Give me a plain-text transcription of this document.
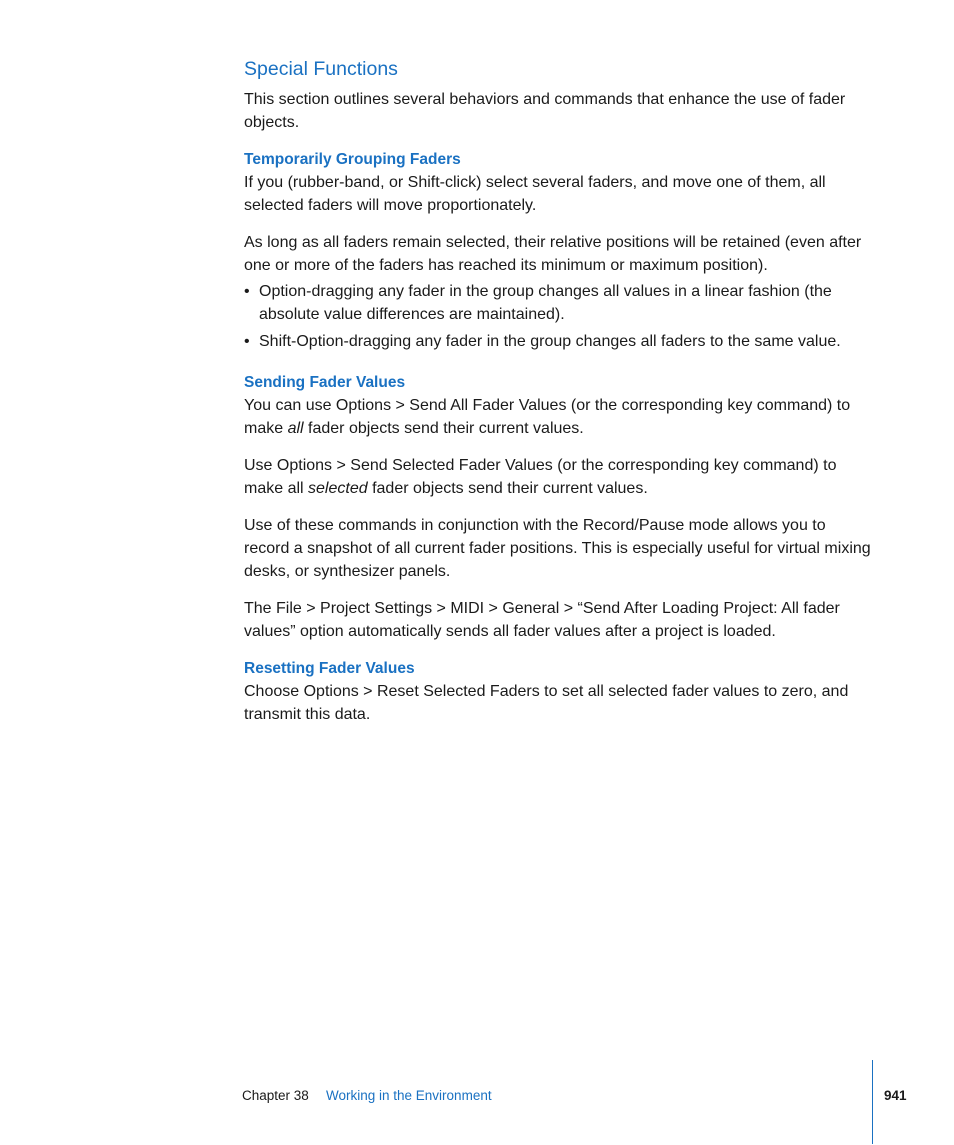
Special Functions

This section outlines several behaviors and commands that enhance the use of fader objects.

Temporarily Grouping Faders

If you (rubber-band, or Shift-click) select several faders, and move one of them, all selected faders will move proportionately.

As long as all faders remain selected, their relative positions will be retained (even after one or more of the faders has reached its minimum or maximum position).

• Option-dragging any fader in the group changes all values in a linear fashion (the absolute value differences are maintained).
• Shift-Option-dragging any fader in the group changes all faders to the same value.
Sending Fader Values

You can use Options > Send All Fader Values (or the corresponding key command) to make all fader objects send their current values.

Use Options > Send Selected Fader Values (or the corresponding key command) to make all selected fader objects send their current values.

Use of these commands in conjunction with the Record/Pause mode allows you to record a snapshot of all current fader positions. This is especially useful for virtual mixing desks, or synthesizer panels.

The File > Project Settings > MIDI > General > “Send After Loading Project: All fader values” option automatically sends all fader values after a project is loaded.

Resetting Fader Values

Choose Options > Reset Selected Faders to set all selected fader values to zero, and transmit this data.

Chapter 38 Working in the Environment	941
